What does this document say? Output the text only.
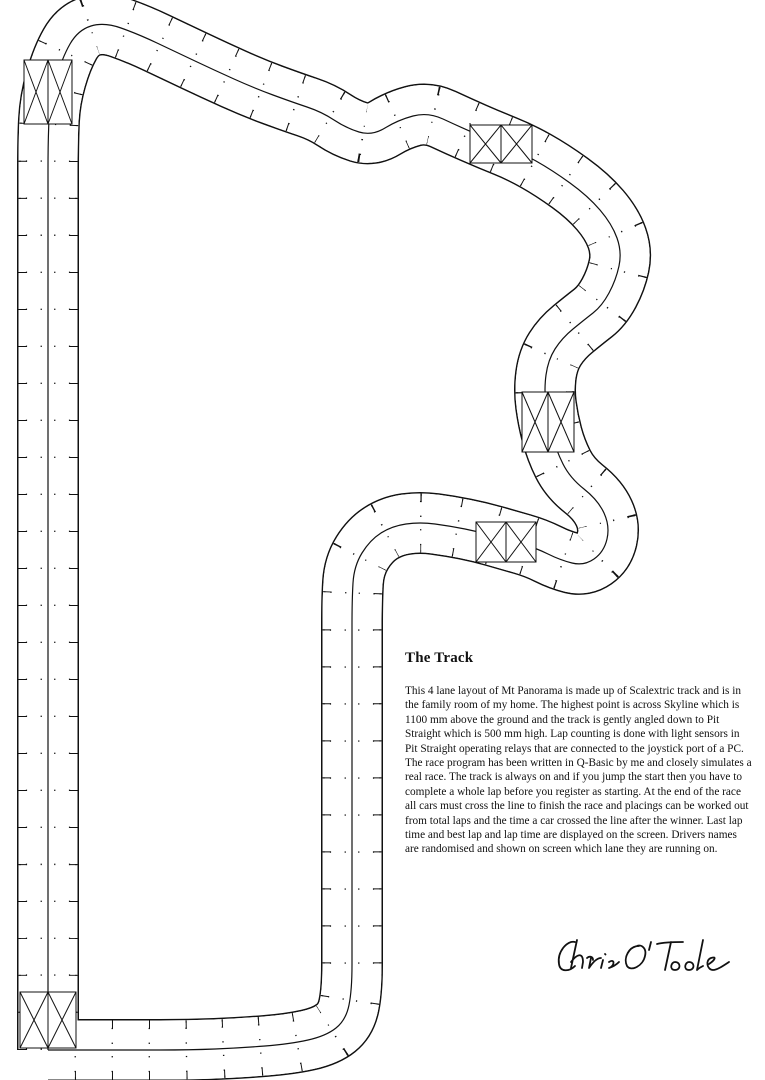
The Track

This 4 lane layout of Mt Panorama is made up of Scalextric track and is in the family room of my home. The highest point is across Skyline which is 1100 mm above the ground and the track is gently angled down to Pit Straight which is 500 mm high. Lap counting is done with light sensors in Pit Straight operating relays that are connected to the joystick port of a PC. The race program has been written in Q-Basic by me and closely simulates a real race. The track is always on and if you jump the start then you have to complete a whole lap before you register as starting. At the end of the race all cars must cross the line to finish the race and placings can be worked out from total laps and the time a car crossed the line after the winner. Last lap time and best lap and lap time are displayed on the screen. Drivers names are randomised and shown on screen which lane they are running on.
